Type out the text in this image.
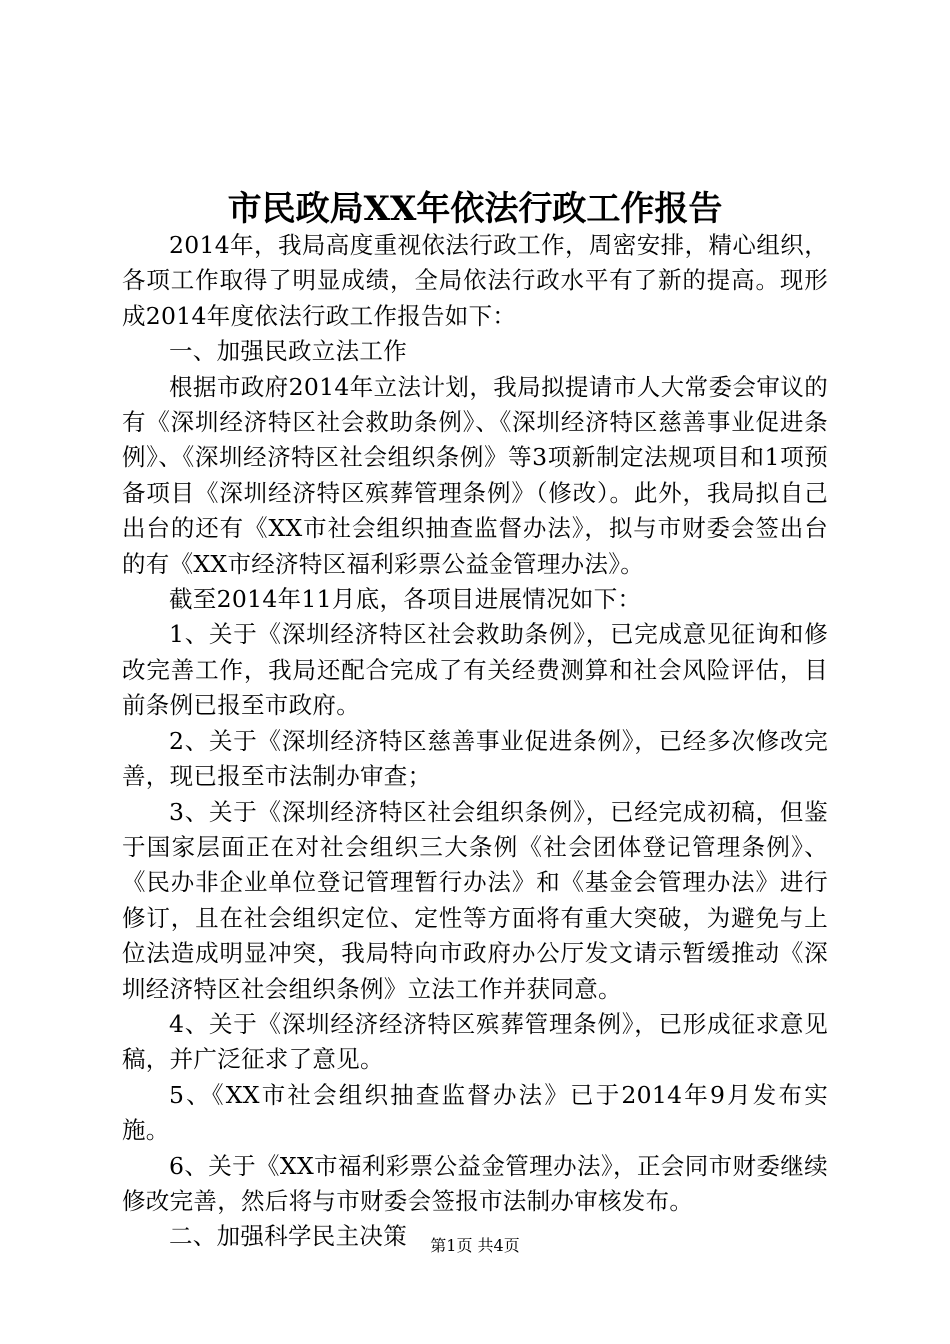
市民政局XX年依法行政工作报告

2014年，我局高度重视依法行政工作，周密安排，精心组织，各项工作取得了明显成绩，全局依法行政水平有了新的提高。现形成2014年度依法行政工作报告如下：

一、加强民政立法工作

根据市政府2014年立法计划，我局拟提请市人大常委会审议的有《深圳经济特区社会救助条例》、《深圳经济特区慈善事业促进条例》、《深圳经济特区社会组织条例》等3项新制定法规项目和1项预备项目《深圳经济特区殡葬管理条例》（修改）。此外，我局拟自己出台的还有《XX市社会组织抽查监督办法》，拟与市财委会签出台的有《XX市经济特区福利彩票公益金管理办法》。

截至2014年11月底，各项目进展情况如下：

1、关于《深圳经济特区社会救助条例》，已完成意见征询和修改完善工作，我局还配合完成了有关经费测算和社会风险评估，目前条例已报至市政府。

2、关于《深圳经济特区慈善事业促进条例》，已经多次修改完善，现已报至市法制办审查；

3、关于《深圳经济特区社会组织条例》，已经完成初稿，但鉴于国家层面正在对社会组织三大条例《社会团体登记管理条例》、《民办非企业单位登记管理暂行办法》和《基金会管理办法》进行修订，且在社会组织定位、定性等方面将有重大突破，为避免与上位法造成明显冲突，我局特向市政府办公厅发文请示暂缓推动《深圳经济特区社会组织条例》立法工作并获同意。

4、关于《深圳经济经济特区殡葬管理条例》，已形成征求意见稿，并广泛征求了意见。

5、《XX市社会组织抽查监督办法》已于2014年9月发布实施。

6、关于《XX市福利彩票公益金管理办法》，正会同市财委继续修改完善，然后将与市财委会签报市法制办审核发布。

二、加强科学民主决策	第1页 共4页
